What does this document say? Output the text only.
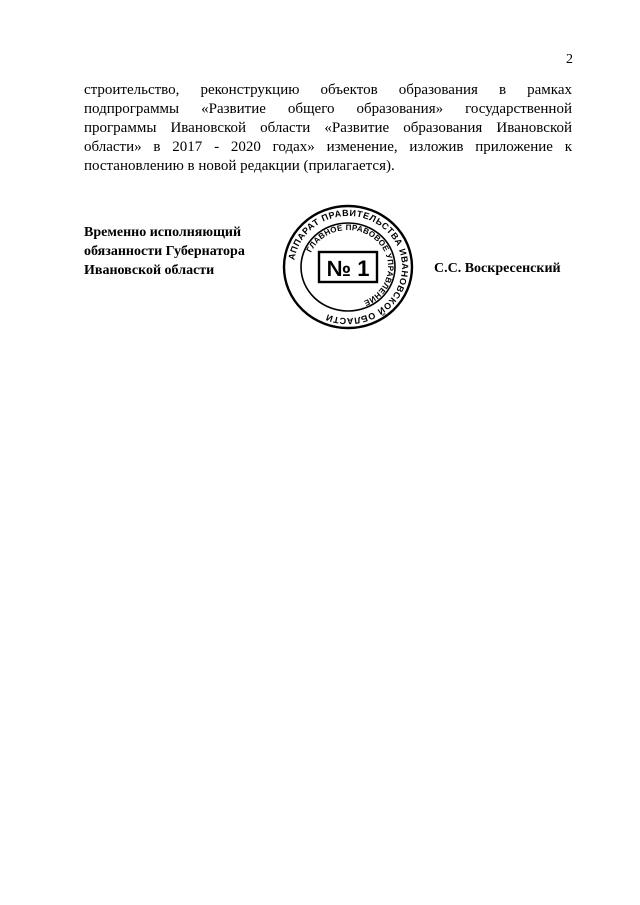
2

строительство, реконструкцию объектов образования в рамках подпрограммы «Развитие общего образования» государственной программы Ивановской области «Развитие образования Ивановской области» в 2017 - 2020 годах» изменение, изложив приложение к постановлению в новой редакции (прилагается).

Временно исполняющий
обязанности Губернатора
Ивановской области
АППАРАТ ПРАВИТЕЛЬСТВА ИВАНОВСКОЙ ОБЛАСТИ
ГЛАВНОЕ ПРАВОВОЕ УПРАВЛЕНИЕ
№ 1	С.С. Воскресенский
